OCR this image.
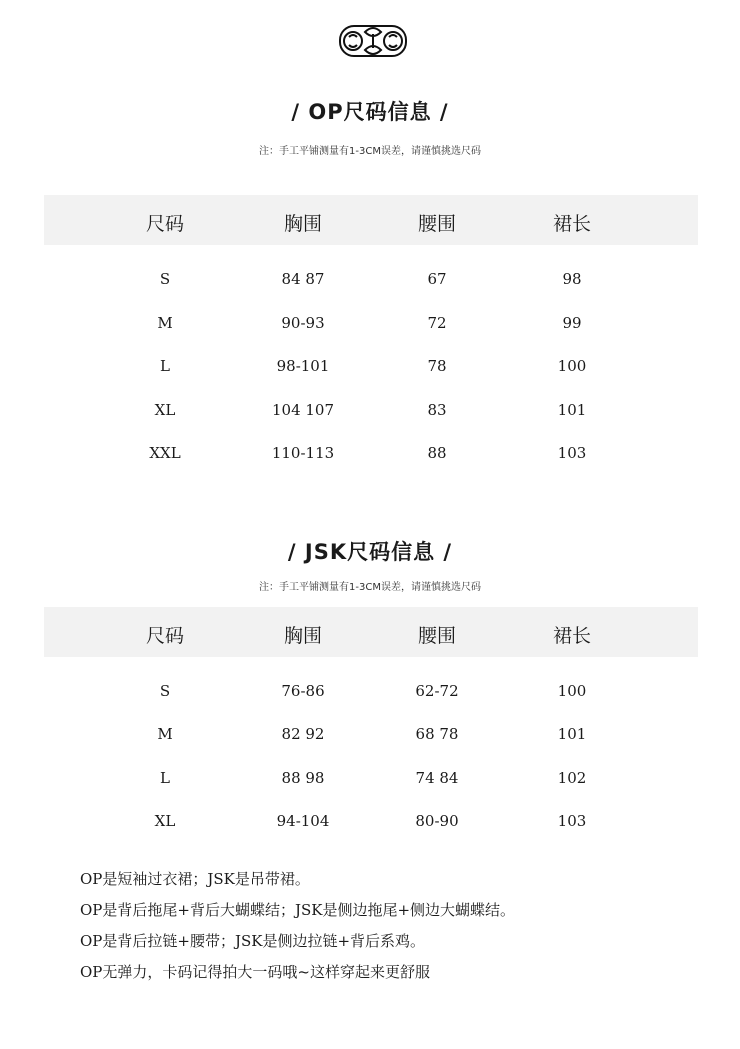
/ OP尺码信息 /
注：手工平铺测量有1-3CM误差，请谨慎挑选尺码
尺码	胸围	腰围	裙长
S	84 87	67	98
M	90-93	72	99
L	98-101	78	100
XL	104 107	83	101
XXL	110-113	88	103
/ JSK尺码信息 /
注：手工平铺测量有1-3CM误差，请谨慎挑选尺码
尺码	胸围	腰围	裙长
S	76-86	62-72	100
M	82 92	68 78	101
L	88 98	74 84	102
XL	94-104	80-90	103
OP是短袖过衣裙；JSK是吊带裙。
OP是背后拖尾+背后大蝴蝶结；JSK是侧边拖尾+侧边大蝴蝶结。
OP是背后拉链+腰带；JSK是侧边拉链+背后系鸡。
OP无弹力，卡码记得拍大一码哦~这样穿起来更舒服
